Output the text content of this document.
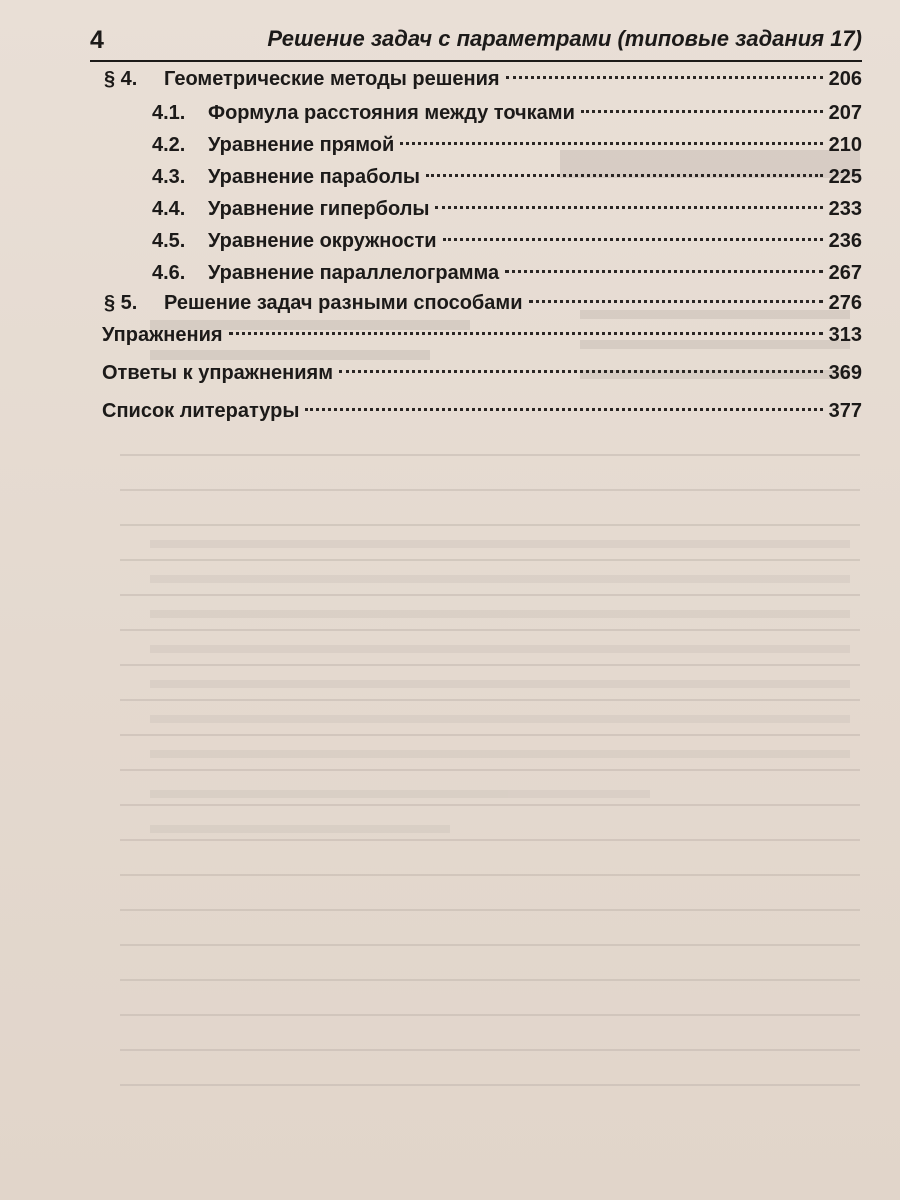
4	Решение задач с параметрами (типовые задания 17)
§ 4.	Геометрические методы решения	206
4.1.	Формула расстояния между точками	207
4.2.	Уравнение прямой	210
4.3.	Уравнение параболы	225
4.4.	Уравнение гиперболы	233
4.5.	Уравнение окружности	236
4.6.	Уравнение параллелограмма	267
§ 5.	Решение задач разными способами	276
Упражнения	313
Ответы к упражнениям	369
Список литературы	377
